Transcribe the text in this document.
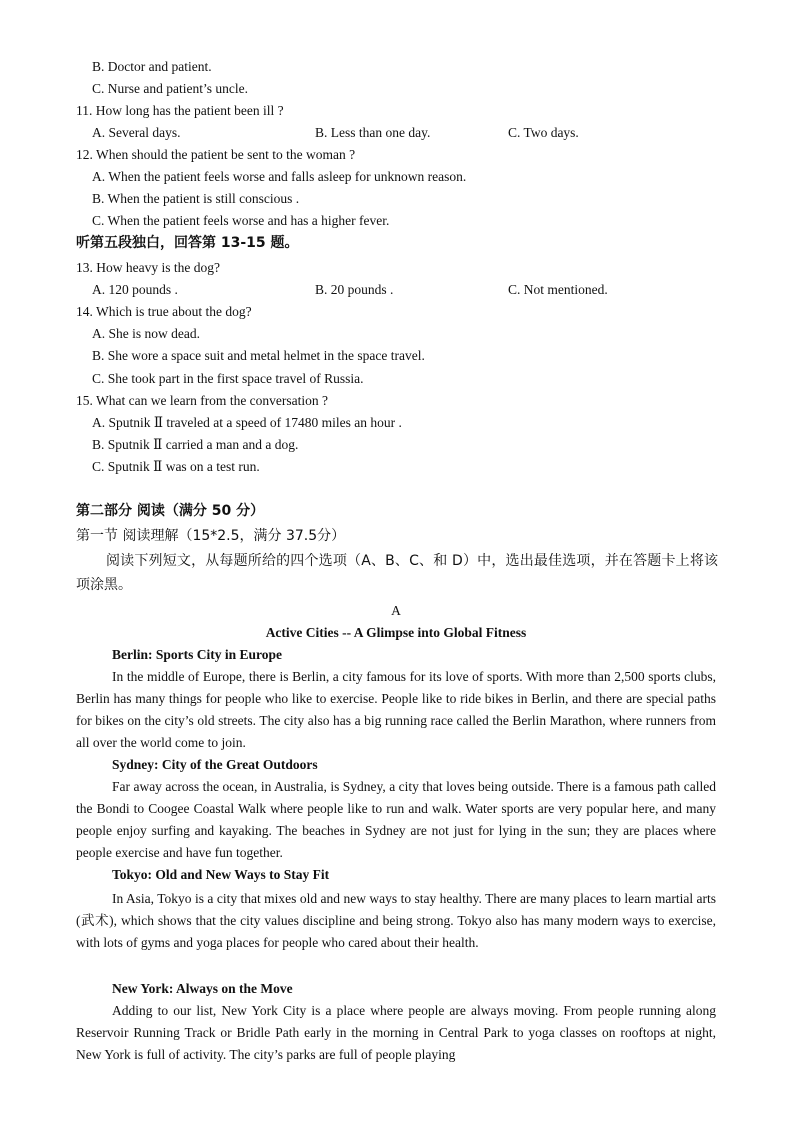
B. Doctor and patient.
C. Nurse and patient’s uncle.
11. How long has the patient been ill ?
A. Several days.	B. Less than one day.	C. Two days.
12. When should the patient be sent to the woman ?
A. When the patient feels worse and falls asleep for unknown reason.
B. When the patient is still conscious .
C. When the patient feels worse and has a higher fever.
听第五段独白，回答第 13-15 题。
13. How heavy is the dog?
A. 120 pounds .	B. 20 pounds .	C. Not mentioned.
14. Which is true about the dog?
A. She is now dead.
B. She wore a space suit and metal helmet in the space travel.
C. She took part in the first space travel of Russia.
15. What can we learn from the conversation ?
A. Sputnik Ⅱ traveled at a speed of 17480 miles an hour .
B. Sputnik Ⅱ carried a man and a dog.
C. Sputnik Ⅱ was on a test run.
第二部分 阅读（满分 50 分）
第一节 阅读理解（15*2.5，满分 37.5分）
阅读下列短文，从每题所给的四个选项（A、B、C、和 D）中，选出最佳选项，并在答题卡上将该项涂黑。
A
Active Cities -- A Glimpse into Global Fitness
Berlin: Sports City in Europe

In the middle of Europe, there is Berlin, a city famous for its love of sports. With more than 2,500 sports clubs, Berlin has many things for people who like to exercise. People like to ride bikes in Berlin, and there are special paths for bikes on the city’s old streets. The city also has a big running race called the Berlin Marathon, where runners from all over the world come to join.

Sydney: City of the Great Outdoors

Far away across the ocean, in Australia, is Sydney, a city that loves being outside. There is a famous path called the Bondi to Coogee Coastal Walk where people like to run and walk. Water sports are very popular here, and many people enjoy surfing and kayaking. The beaches in Sydney are not just for lying in the sun; they are places where people exercise and have fun together.

Tokyo: Old and New Ways to Stay Fit

In Asia, Tokyo is a city that mixes old and new ways to stay healthy. There are many places to learn martial arts (武术), which shows that the city values discipline and being strong. Tokyo also has many modern ways to exercise, with lots of gyms and yoga places for people who cared about their health.

New York: Always on the Move

Adding to our list, New York City is a place where people are always moving. From people running along Reservoir Running Track or Bridle Path early in the morning in Central Park to yoga classes on rooftops at night, New York is full of activity. The city’s parks are full of people playing
